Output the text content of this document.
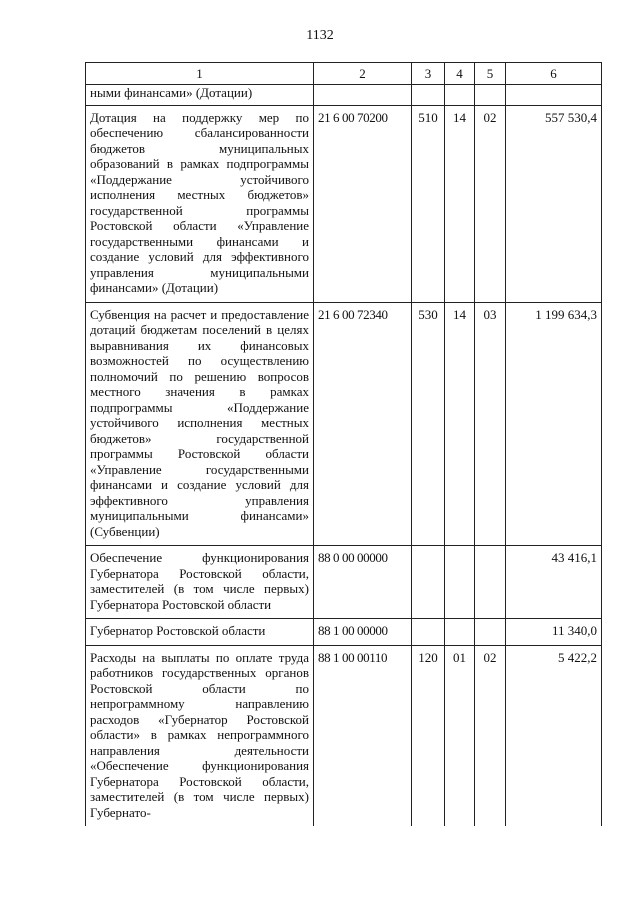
1132
1	2	3	4	5	6
ными финансами» (Дотации)					
Дотация на поддержку мер по обеспечению сбалансированности бюджетов муниципальных образований в рамках подпрограммы «Поддержание устойчивого исполнения местных бюджетов» государственной программы Ростовской области «Управление государственными финансами и создание условий для эффективного управления муниципальными финансами» (Дотации)	21 6 00 70200	510	14	02	557 530,4
Субвенция на расчет и предоставление дотаций бюджетам поселений в целях выравнивания их финансовых возможностей по осуществлению полномочий по решению вопросов местного значения в рамках подпрограммы «Поддержание устойчивого исполнения местных бюджетов» государственной программы Ростовской области «Управление государственными финансами и создание условий для эффективного управления муниципальными финансами» (Субвенции)	21 6 00 72340	530	14	03	1 199 634,3
Обеспечение функционирования Губернатора Ростовской области, заместителей (в том числе первых) Губернатора Ростовской области	88 0 00 00000				43 416,1
Губернатор Ростовской области	88 1 00 00000				11 340,0
Расходы на выплаты по оплате труда работников государственных органов Ростовской области по непрограммному направлению расходов «Губернатор Ростовской области» в рамках непрограммного направления деятельности «Обеспечение функционирования Губернатора Ростовской области, заместителей (в том числе первых) Губернато-	88 1 00 00110	120	01	02	5 422,2
